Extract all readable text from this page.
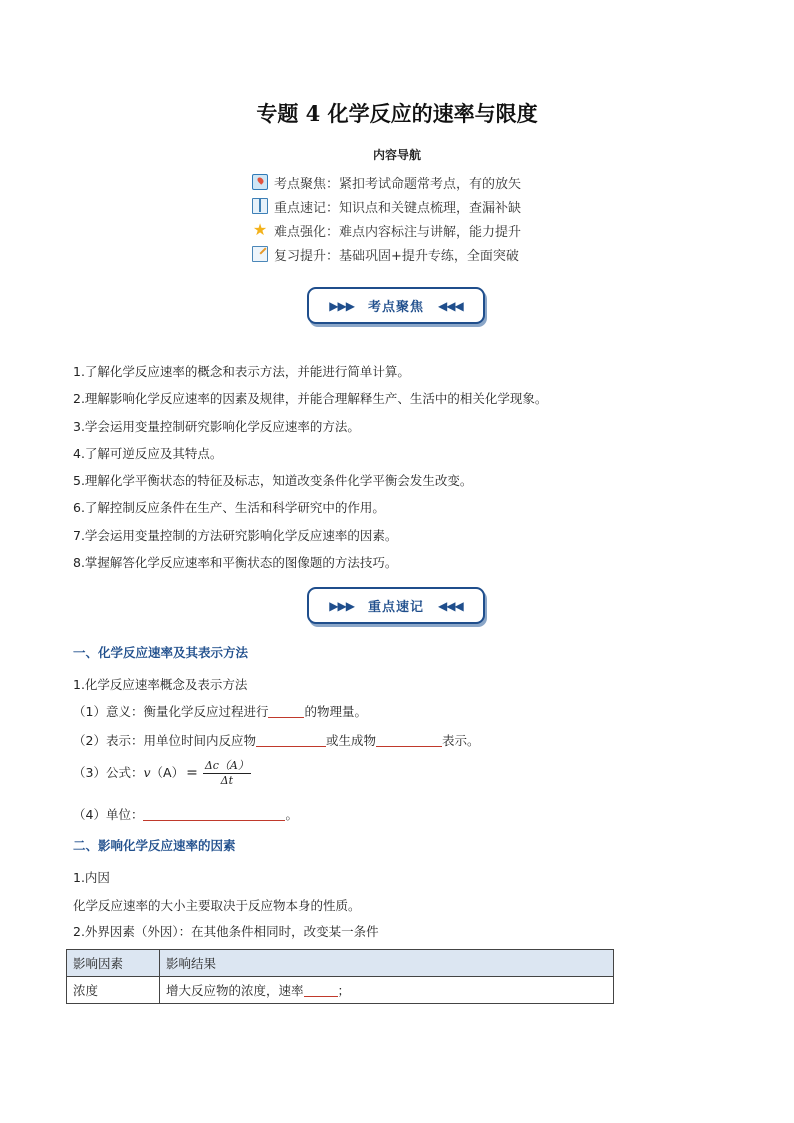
专题 4 化学反应的速率与限度
内容导航
考点聚焦：紧扣考试命题常考点，有的放矢
重点速记：知识点和关键点梳理，查漏补缺
★ 难点强化：难点内容标注与讲解，能力提升
复习提升：基础巩固+提升专练，全面突破
▶▶▶ 考点聚焦 ◀◀◀
1.了解化学反应速率的概念和表示方法，并能进行简单计算。
2.理解影响化学反应速率的因素及规律，并能合理解释生产、生活中的相关化学现象。
3.学会运用变量控制研究影响化学反应速率的方法。
4.了解可逆反应及其特点。
5.理解化学平衡状态的特征及标志，知道改变条件化学平衡会发生改变。
6.了解控制反应条件在生产、生活和科学研究中的作用。
7.学会运用变量控制的方法研究影响化学反应速率的因素。
8.掌握解答化学反应速率和平衡状态的图像题的方法技巧。
▶▶▶ 重点速记 ◀◀◀
一、化学反应速率及其表示方法
1.化学反应速率概念及表示方法
（1）意义：衡量化学反应过程进行	的物理量。
（2）表示：用单位时间内反应物	或生成物	表示。
（3）公式：$v(A) = \frac{\Delta c(A)}{\Delta t}$
（4）单位：	。
二、影响化学反应速率的因素
1.内因
化学反应速率的大小主要取决于反应物本身的性质。
2.外界因素（外因）：在其他条件相同时，改变某一条件
影响因素	影响结果
浓度	增大反应物的浓度，速率 ；
